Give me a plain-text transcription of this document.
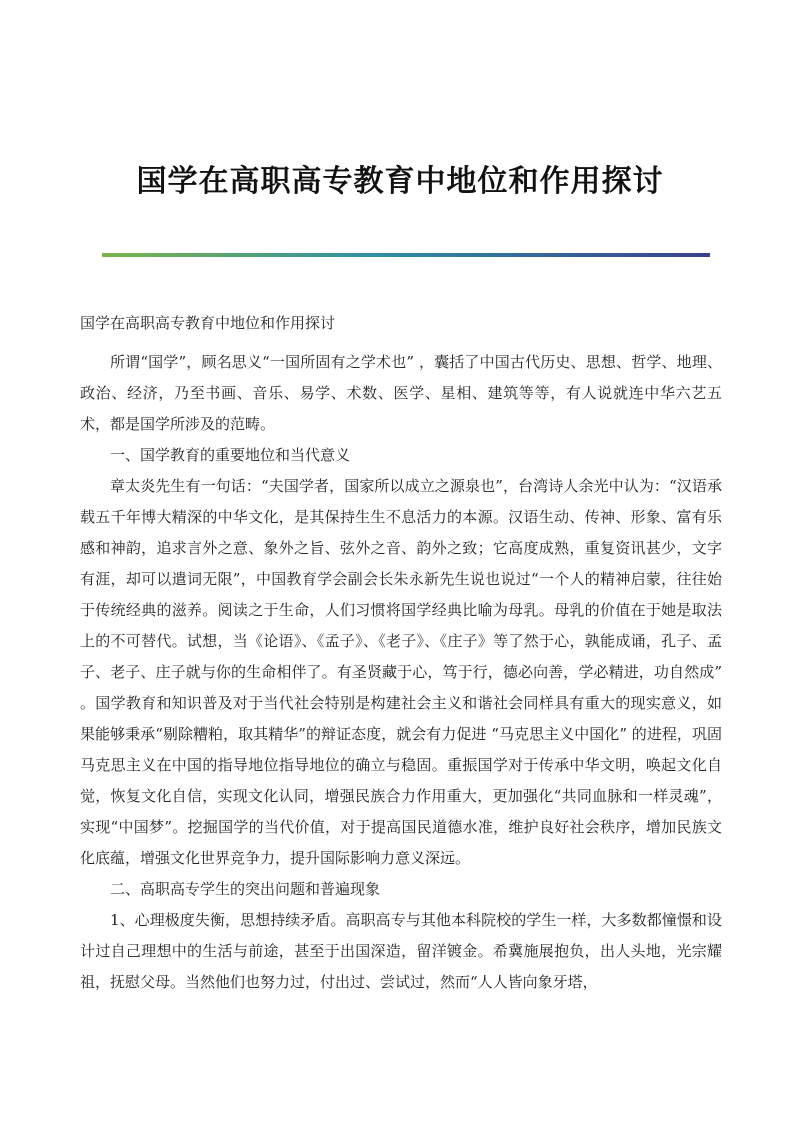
国学在高职高专教育中地位和作用探讨

国学在高职高专教育中地位和作用探讨

所谓“国学”，顾名思义“一国所固有之学术也” ，囊括了中国古代历史、思想、哲学、地理、政治、经济，乃至书画、音乐、易学、术数、医学、星相、建筑等等，有人说就连中华六艺五术，都是国学所涉及的范畴。

一、国学教育的重要地位和当代意义

章太炎先生有一句话：“夫国学者，国家所以成立之源泉也”，台湾诗人余光中认为：“汉语承载五千年博大精深的中华文化，是其保持生生不息活力的本源。汉语生动、传神、形象、富有乐感和神韵，追求言外之意、象外之旨、弦外之音、韵外之致；它高度成熟，重复资讯甚少，文字有涯，却可以遣词无限”，中国教育学会副会长朱永新先生说也说过“一个人的精神启蒙，往往始于传统经典的滋养。阅读之于生命，人们习惯将国学经典比喻为母乳。母乳的价值在于她是取法上的不可替代。试想，当《论语》、《孟子》、《老子》、《庄子》等了然于心，孰能成诵，孔子、孟子、老子、庄子就与你的生命相伴了。有圣贤藏于心，笃于行，德必向善，学必精进，功自然成” 。国学教育和知识普及对于当代社会特别是构建社会主义和谐社会同样具有重大的现实意义，如果能够秉承“剔除糟粕，取其精华”的辩证态度，就会有力促进 “马克思主义中国化” 的进程，巩固马克思主义在中国的指导地位指导地位的确立与稳固。重振国学对于传承中华文明，唤起文化自觉，恢复文化自信，实现文化认同，增强民族合力作用重大，更加强化“共同血脉和一样灵魂”，实现“中国梦”。挖掘国学的当代价值，对于提高国民道德水准，维护良好社会秩序，增加民族文化底蕴，增强文化世界竞争力，提升国际影响力意义深远。

二、高职高专学生的突出问题和普遍现象

1、心理极度失衡，思想持续矛盾。高职高专与其他本科院校的学生一样，大多数都憧憬和设计过自己理想中的生活与前途，甚至于出国深造，留洋镀金。希冀施展抱负，出人头地，光宗耀祖，抚慰父母。当然他们也努力过，付出过、尝试过，然而“人人皆向象牙塔，
